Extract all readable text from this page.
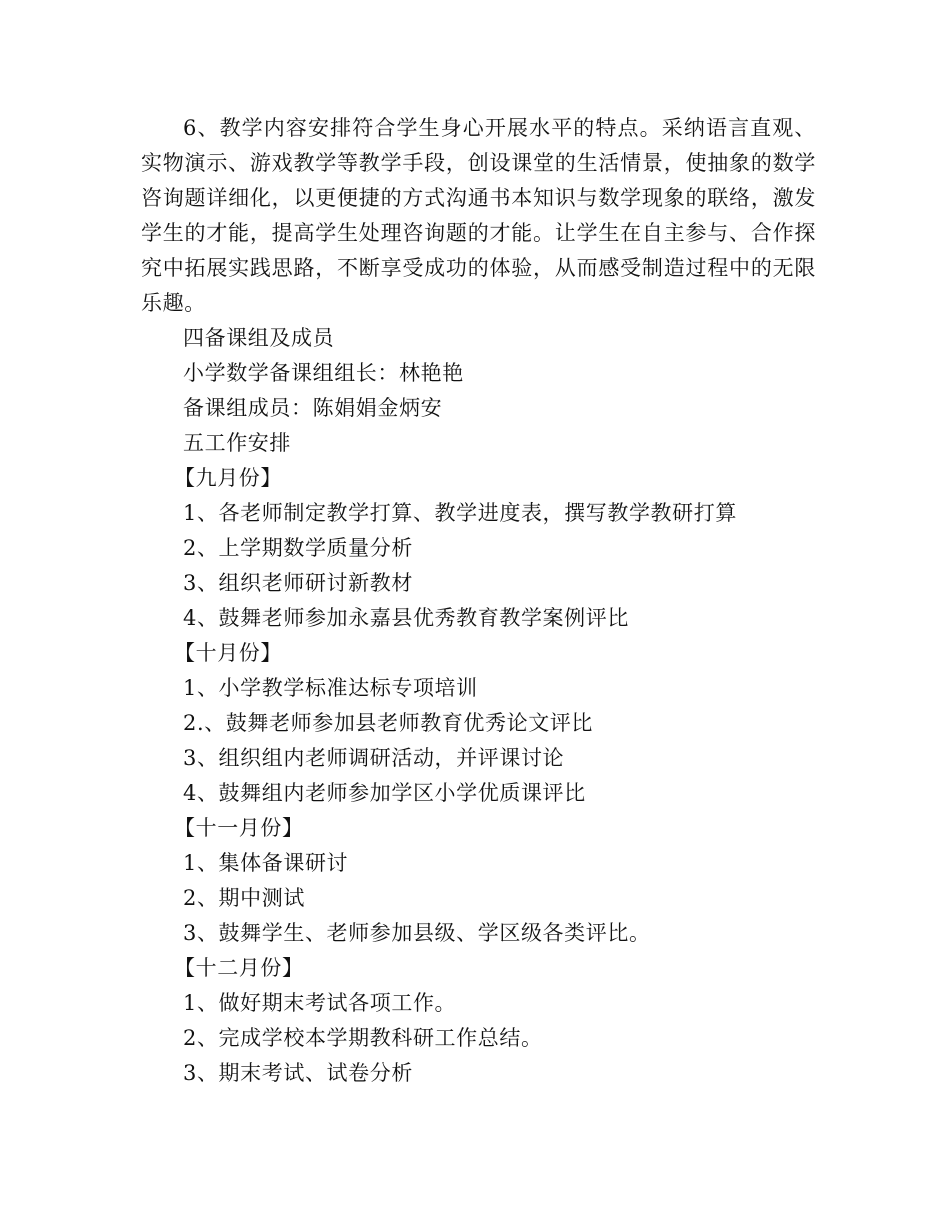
6、教学内容安排符合学生身心开展水平的特点。采纳语言直观、实物演示、游戏教学等教学手段，创设课堂的生活情景，使抽象的数学咨询题详细化，以更便捷的方式沟通书本知识与数学现象的联络，激发学生的才能，提高学生处理咨询题的才能。让学生在自主参与、合作探究中拓展实践思路，不断享受成功的体验，从而感受制造过程中的无限乐趣。

四备课组及成员

小学数学备课组组长：林艳艳

备课组成员：陈娟娟金炳安

五工作安排

【九月份】

1、各老师制定教学打算、教学进度表，撰写教学教研打算

2、上学期数学质量分析

3、组织老师研讨新教材

4、鼓舞老师参加永嘉县优秀教育教学案例评比

【十月份】

1、小学教学标准达标专项培训

2.、鼓舞老师参加县老师教育优秀论文评比

3、组织组内老师调研活动，并评课讨论

4、鼓舞组内老师参加学区小学优质课评比

【十一月份】

1、集体备课研讨

2、期中测试

3、鼓舞学生、老师参加县级、学区级各类评比。

【十二月份】

1、做好期末考试各项工作。

2、完成学校本学期教科研工作总结。

3、期末考试、试卷分析
